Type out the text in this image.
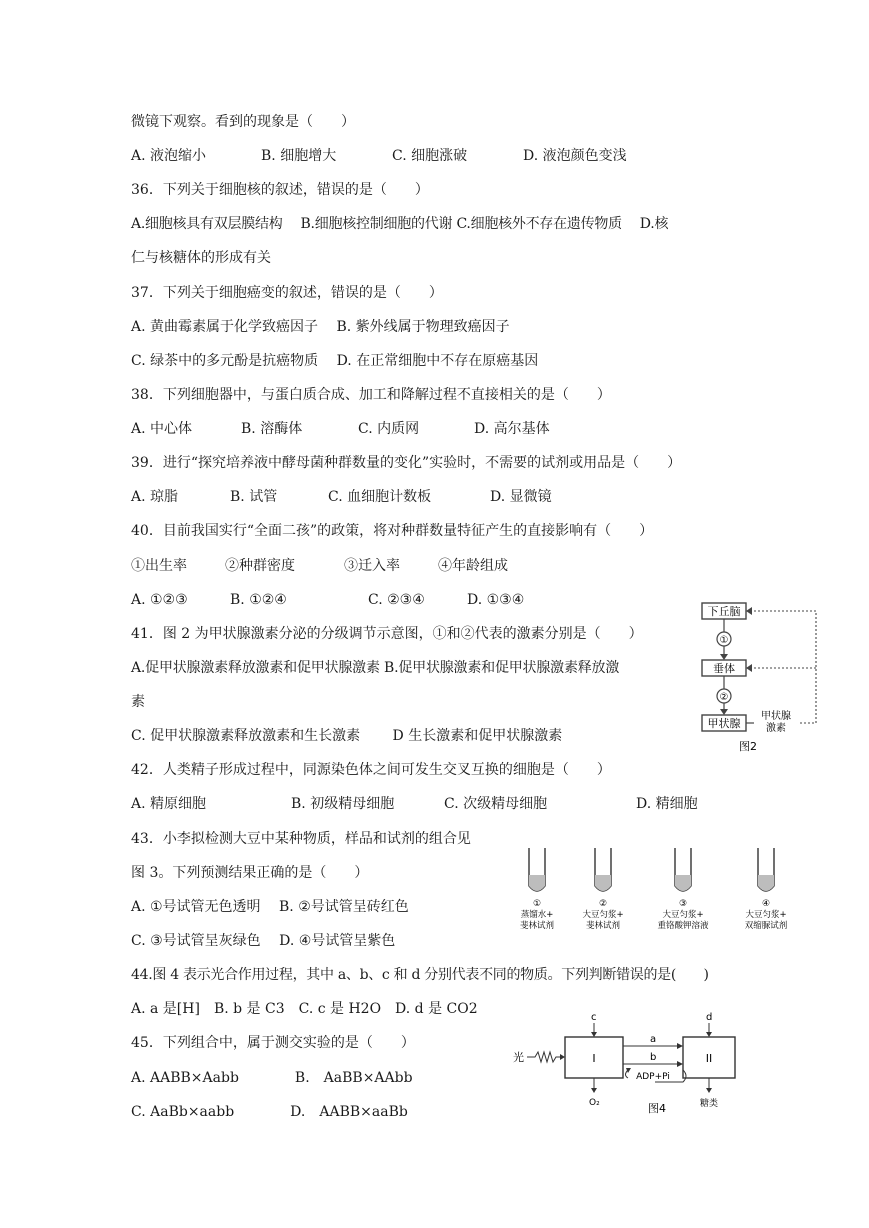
微镜下观察。看到的现象是（　　）
A. 液泡缩小	B. 细胞增大	C. 细胞涨破	D. 液泡颜色变浅
36．下列关于细胞核的叙述，错误的是（　　）
A.细胞核具有双层膜结构　 B.细胞核控制细胞的代谢 C.细胞核外不存在遗传物质　 D.核
仁与核糖体的形成有关
37．下列关于细胞癌变的叙述，错误的是（　　）
A. 黄曲霉素属于化学致癌因子　 B. 紫外线属于物理致癌因子
C. 绿茶中的多元酚是抗癌物质　 D. 在正常细胞中不存在原癌基因
38．下列细胞器中，与蛋白质合成、加工和降解过程不直接相关的是（　　）
A. 中心体	B. 溶酶体	C. 内质网	D. 高尔基体
39．进行“探究培养液中酵母菌种群数量的变化”实验时，不需要的试剂或用品是（　　）
A. 琼脂	B. 试管	C. 血细胞计数板	D. 显微镜
40．目前我国实行“全面二孩”的政策，将对种群数量特征产生的直接影响有（　　）
①出生率	②种群密度	③迁入率	④年龄组成
A. ①②③	B. ①②④	C. ②③④	D. ①③④
41．图 2 为甲状腺激素分泌的分级调节示意图，①和②代表的激素分别是（　　）
A.促甲状腺激素释放激素和促甲状腺激素 B.促甲状腺激素和促甲状腺激素释放激
素
C. 促甲状腺激素释放激素和生长激素　　 D 生长激素和促甲状腺激素
42．人类精子形成过程中，同源染色体之间可发生交叉互换的细胞是（　　）
A. 精原细胞	B. 初级精母细胞	C. 次级精母细胞	D. 精细胞
43．小李拟检测大豆中某种物质，样品和试剂的组合见
图 3。下列预测结果正确的是（　　）
A. ①号试管无色透明　 B. ②号试管呈砖红色
C. ③号试管呈灰绿色　 D. ④号试管呈紫色
44.图 4 表示光合作用过程，其中 a、b、c 和 d 分别代表不同的物质。下列判断错误的是(　　)
A. a 是[H]　B. b 是 C3　C. c 是 H2O　D. d 是 CO2
45．下列组合中，属于测交实验的是（　　）
A. AABB×Aabb　　　　B.　AaBB×AAbb
C. AaBb×aabb　　　　D.　AABB×aaBb
下丘脑
①
垂体
②
甲状腺
甲状腺
激素
图2
①
蒸馏水+
斐林试剂
②
大豆匀浆+
斐林试剂
③
大豆匀浆+
重铬酸钾溶液
④
大豆匀浆+
双缩脲试剂
光	I	II
c	d
a
b
ADP+Pi
O₂	糖类
图4
